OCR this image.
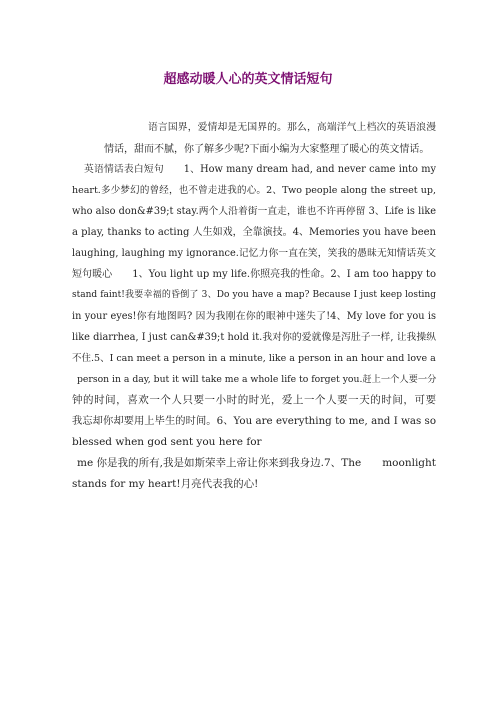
超感动暖人心的英文情话短句
语言国界，爱情却是无国界的。那么，高端洋气上档次的英语浪漫
情话，甜而不腻，你了解多少呢?下面小编为大家整理了暖心的英文情话。
英语情话表白短句　　1、How many dream had, and never came into my
heart.多少梦幻的曾经，也不曾走进我的心。2、Two people along the street up,
who also don&#39;t stay.两个人沿着街一直走，谁也不许再停留 3、Life is like
a play, thanks to acting 人生如戏，全靠演技。4、Memories you have been
laughing, laughing my ignorance.记忆力你一直在笑，笑我的愚昧无知情话英文
短句暖心　　1、You light up my life.你照亮我的性命。2、I am too happy to
stand faint!我要幸福的昏倒了 3、Do you have a map? Because I just keep losting
in your eyes!你有地图吗? 因为我刚在你的眼神中迷失了!4、My love for you is
like diarrhea, I just can&#39;t hold it.我对你的爱就像是泻肚子一样, 让我操纵
不住.5、I can meet a person in a minute, like a person in an hour and love a
person in a day, but it will take me a whole life to forget you.赶上一个人要一分
钟的时间，喜欢一个人只要一小时的时光，爱上一个人要一天的时间，可要
我忘却你却要用上毕生的时间。6、You are everything to me, and I was so
blessed when god sent you here for
me 你是我的所有,我是如斯荣幸上帝让你来到我身边.7、The　　moonlight
stands for my heart!月亮代表我的心!
